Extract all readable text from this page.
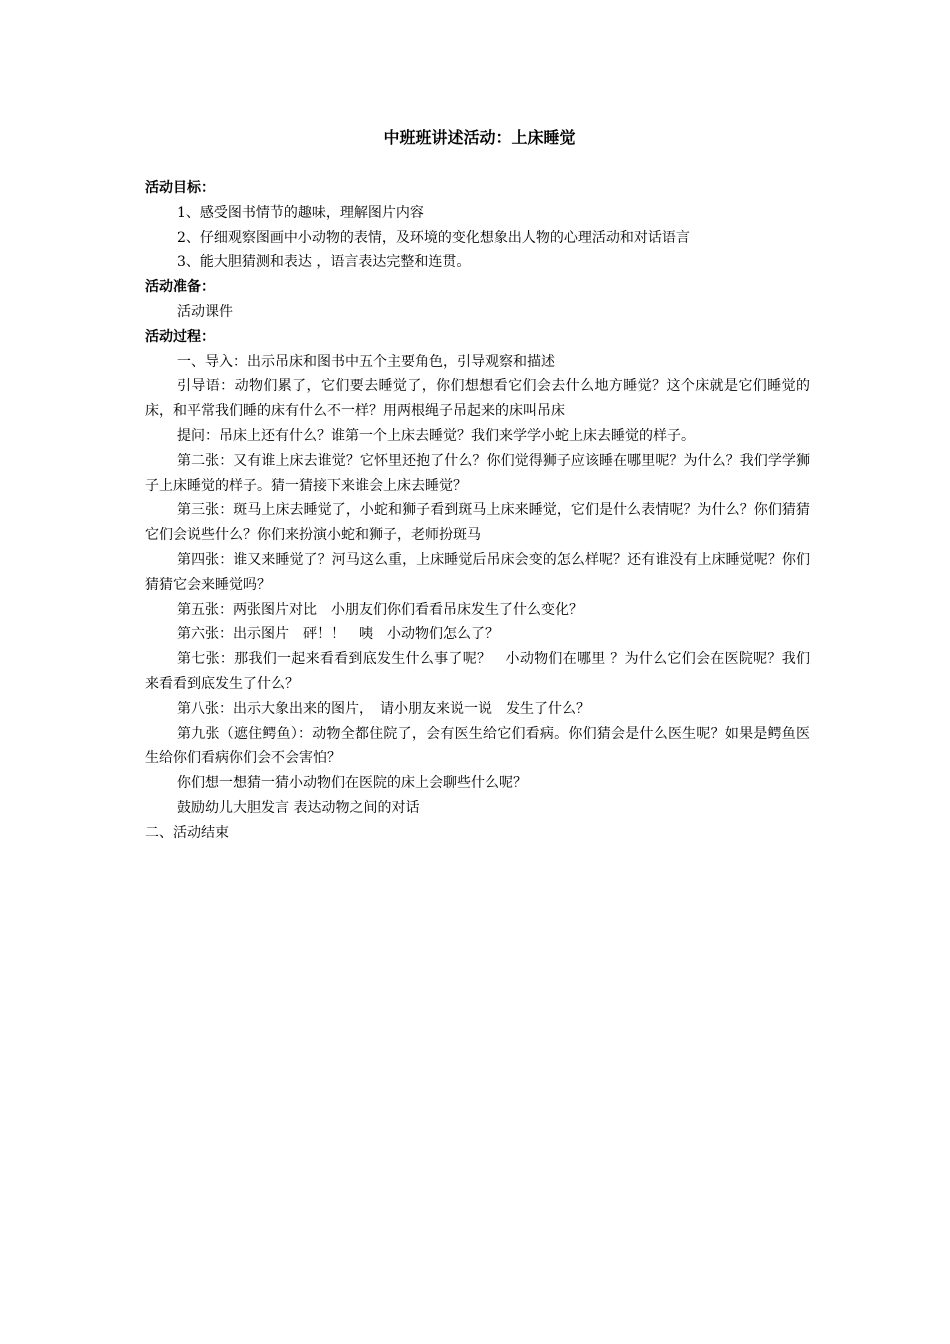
中班班讲述活动：上床睡觉

活动目标：

1、感受图书情节的趣味，理解图片内容

2、仔细观察图画中小动物的表情，及环境的变化想象出人物的心理活动和对话语言

3、能大胆猜测和表达 ，语言表达完整和连贯。

活动准备：

活动课件

活动过程：

一、导入：出示吊床和图书中五个主要角色，引导观察和描述

引导语：动物们累了，它们要去睡觉了，你们想想看它们会去什么地方睡觉？这个床就是它们睡觉的床，和平常我们睡的床有什么不一样？用两根绳子吊起来的床叫吊床

提问：吊床上还有什么？谁第一个上床去睡觉？我们来学学小蛇上床去睡觉的样子。

第二张：又有谁上床去谁觉？它怀里还抱了什么？你们觉得狮子应该睡在哪里呢？为什么？我们学学狮子上床睡觉的样子。猜一猜接下来谁会上床去睡觉？

第三张：斑马上床去睡觉了，小蛇和狮子看到斑马上床来睡觉，它们是什么表情呢？为什么？你们猜猜它们会说些什么？你们来扮演小蛇和狮子，老师扮斑马

第四张：谁又来睡觉了？河马这么重，上床睡觉后吊床会变的怎么样呢？还有谁没有上床睡觉呢？你们猜猜它会来睡觉吗？

第五张：两张图片对比　小朋友们你们看看吊床发生了什么变化？

第六张：出示图片　砰！！　咦　小动物们怎么了？

第七张：那我们一起来看看到底发生什么事了呢？　小动物们在哪里 ？为什么它们会在医院呢？我们来看看到底发生了什么？

第八张：出示大象出来的图片，　请小朋友来说一说　发生了什么？

第九张（遮住鳄鱼）：动物全都住院了，会有医生给它们看病。你们猜会是什么医生呢？如果是鳄鱼医生给你们看病你们会不会害怕？

你们想一想猜一猜小动物们在医院的床上会聊些什么呢？

鼓励幼儿大胆发言 表达动物之间的对话

二、活动结束
